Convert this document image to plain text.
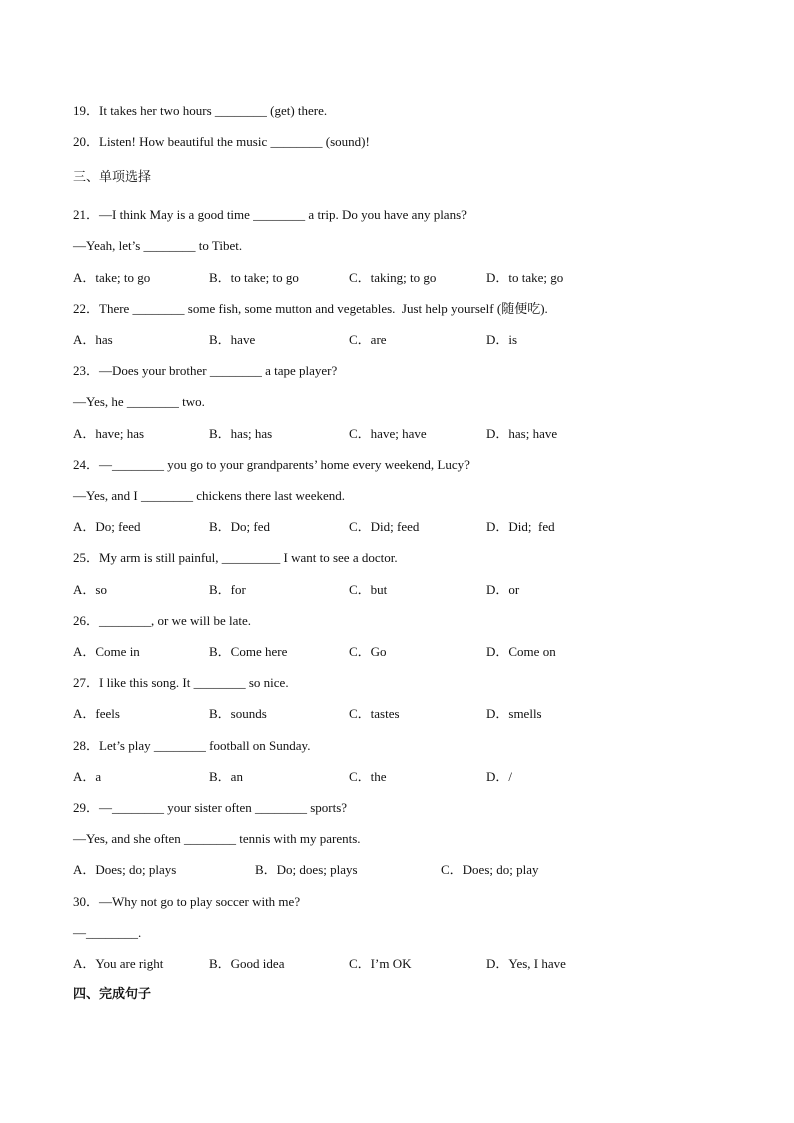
19．It takes her two hours ________ (get) there.
20．Listen! How beautiful the music ________ (sound)!
三、单项选择
21．—I think May is a good time ________ a trip. Do you have any plans?
—Yeah, let’s ________ to Tibet.
A．take; to go	B．to take; to go	C．taking; to go	D．to take; go
22．There ________ some fish, some mutton and vegetables.  Just help yourself (随便吃).
A．has	B．have	C．are	D．is
23．—Does your brother ________ a tape player?
—Yes, he ________ two.
A．have; has	B．has; has	C．have; have	D．has; have
24．—________ you go to your grandparents’ home every weekend, Lucy?
—Yes, and I ________ chickens there last weekend.
A．Do; feed	B．Do; fed	C．Did; feed	D．Did;  fed
25．My arm is still painful, _________ I want to see a doctor.
A．so	B．for	C．but	D．or
26．________, or we will be late.
A．Come in	B．Come here	C．Go	D．Come on
27．I like this song. It ________ so nice.
A．feels	B．sounds	C．tastes	D．smells
28．Let’s play ________ football on Sunday.
A．a	B．an	C．the	D．/
29．—________ your sister often ________ sports?
—Yes, and she often ________ tennis with my parents.
A．Does; do; plays	B．Do; does; plays	C．Does; do; play
30．—Why not go to play soccer with me?
—________.
A．You are right	B．Good idea	C．I’m OK	D．Yes, I have
四、完成句子
